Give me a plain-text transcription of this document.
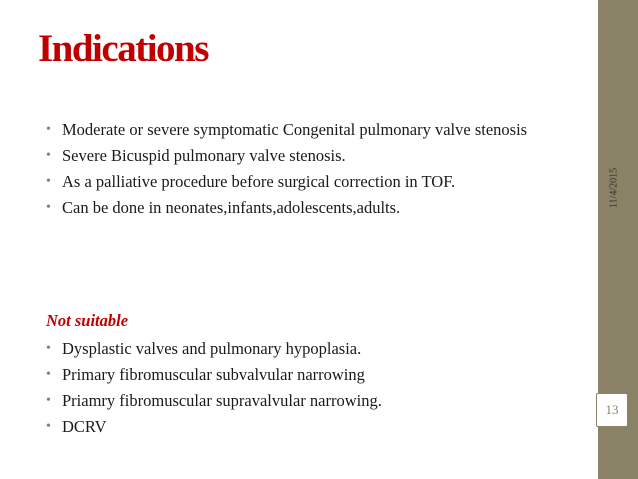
Indications
• Moderate or severe symptomatic Congenital pulmonary valve stenosis
• Severe Bicuspid pulmonary valve stenosis.
• As a palliative procedure before surgical correction in TOF.
• Can be done in neonates,infants,adolescents,adults.
Not suitable
• Dysplastic valves and pulmonary hypoplasia.
• Primary fibromuscular subvalvular narrowing
• Priamry fibromuscular supravalvular narrowing.
• DCRV
11/4/2015
13
